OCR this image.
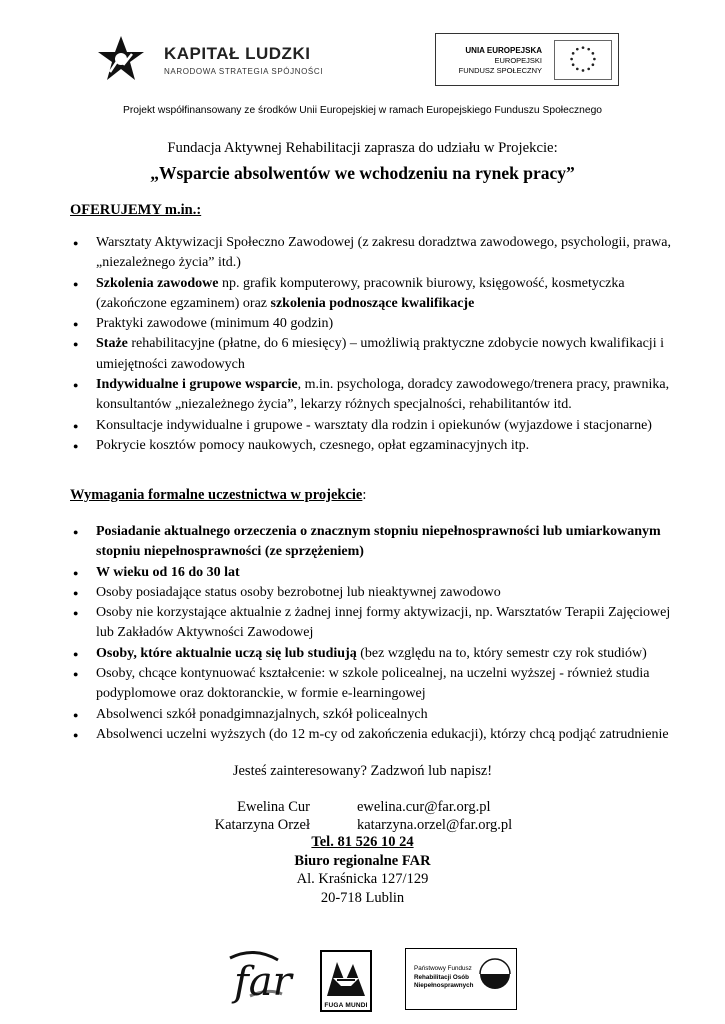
KAPITAŁ LUDZKI
NARODOWA STRATEGIA SPÓJNOŚCI
UNIA EUROPEJSKA
EUROPEJSKI
FUNDUSZ SPOŁECZNY
Projekt współfinansowany ze środków Unii Europejskiej w ramach Europejskiego Funduszu Społecznego
Fundacja Aktywnej Rehabilitacji zaprasza do udziału w Projekcie:
„Wsparcie absolwentów we wchodzeniu na rynek pracy”
OFERUJEMY m.in.:
● Warsztaty Aktywizacji Społeczno Zawodowej (z zakresu doradztwa zawodowego, psychologii, prawa, „niezależnego życia” itd.)
● Szkolenia zawodowe np. grafik komputerowy, pracownik biurowy, księgowość, kosmetyczka (zakończone egzaminem) oraz szkolenia podnoszące kwalifikacje
● Praktyki zawodowe (minimum 40 godzin)
● Staże rehabilitacyjne (płatne, do 6 miesięcy) – umożliwią praktyczne zdobycie nowych kwalifikacji i umiejętności zawodowych
● Indywidualne i grupowe wsparcie, m.in. psychologa, doradcy zawodowego/trenera pracy, prawnika, konsultantów „niezależnego życia”, lekarzy różnych specjalności, rehabilitantów itd.
● Konsultacje indywidualne i grupowe - warsztaty dla rodzin i opiekunów (wyjazdowe i stacjonarne)
● Pokrycie kosztów pomocy naukowych, czesnego, opłat egzaminacyjnych itp.
Wymagania formalne uczestnictwa w projekcie:
● Posiadanie aktualnego orzeczenia o znacznym stopniu niepełnosprawności lub umiarkowanym stopniu niepełnosprawności (ze sprzężeniem)
● W wieku od 16 do 30 lat
● Osoby posiadające status osoby bezrobotnej lub nieaktywnej zawodowo
● Osoby nie korzystające aktualnie z żadnej innej formy aktywizacji, np. Warsztatów Terapii Zajęciowej lub Zakładów Aktywności Zawodowej
● Osoby, które aktualnie uczą się lub studiują (bez względu na to, który semestr czy rok studiów)
● Osoby, chcące kontynuować kształcenie: w szkole policealnej, na uczelni wyższej - również studia podyplomowe oraz doktoranckie, w formie e-learningowej
● Absolwenci szkół ponadgimnazjalnych, szkół policealnych
● Absolwenci uczelni wyższych (do 12 m-cy od zakończenia edukacji), którzy chcą podjąć zatrudnienie
Jesteś zainteresowany? Zadzwoń lub napisz!
Ewelina Cur	ewelina.cur@far.org.pl
Katarzyna Orzeł	katarzyna.orzel@far.org.pl
Tel. 81 526 10 24
Biuro regionalne FAR
Al. Kraśnicka 127/129
20-718 Lublin
far
FUGA MUNDI
Państwowy Fundusz
Rehabilitacji Osób
Niepełnosprawnych
